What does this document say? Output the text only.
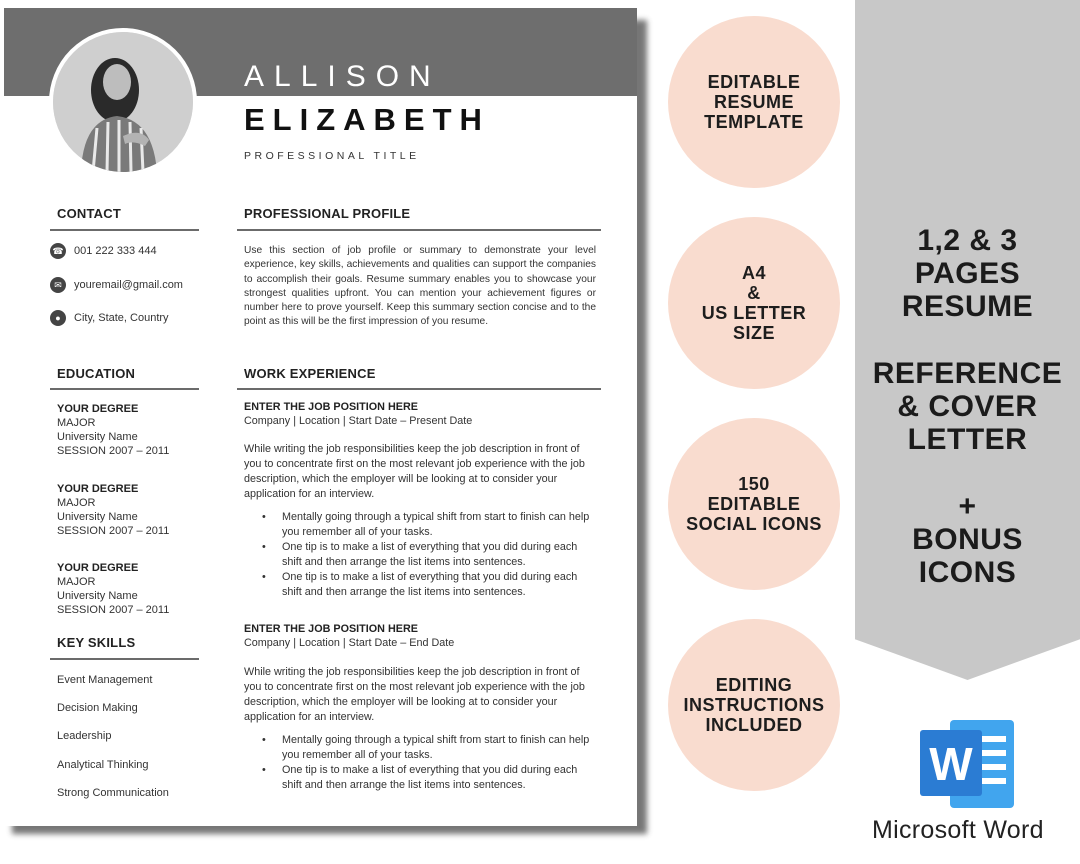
ALLISON
ELIZABETH
PROFESSIONAL TITLE
CONTACT
☎ 001 222 333 444
✉	youremail@gmail.com
●	City, State, Country
EDUCATION
YOUR DEGREE
MAJOR
University Name
SESSION 2007 – 2011
YOUR DEGREE
MAJOR
University Name
SESSION 2007 – 2011
YOUR DEGREE
MAJOR
University Name
SESSION 2007 – 2011
KEY SKILLS
Event Management
Decision Making
Leadership
Analytical Thinking
Strong Communication
PROFESSIONAL PROFILE
Use this section of job profile or summary to demonstrate your level experience, key skills, achievements and qualities can support the companies to accomplish their goals. Resume summary enables you to showcase your strongest qualities upfront. You can mention your achievement figures or number here to prove yourself. Keep this summary section concise and to the point as this will be the first impression of you resume.
WORK EXPERIENCE
ENTER THE JOB POSITION HERE
Company | Location | Start Date – Present Date
While writing the job responsibilities keep the job description in front of you to concentrate first on the most relevant job experience with the job description, which the employer will be looking at to consider your application for an interview.
• Mentally going through a typical shift from start to finish can help you remember all of your tasks.
• One tip is to make a list of everything that you did during each shift and then arrange the list items into sentences.
• One tip is to make a list of everything that you did during each shift and then arrange the list items into sentences.
ENTER THE JOB POSITION HERE
Company | Location | Start Date – End Date
While writing the job responsibilities keep the job description in front of you to concentrate first on the most relevant job experience with the job description, which the employer will be looking at to consider your application for an interview.
• Mentally going through a typical shift from start to finish can help you remember all of your tasks.
• One tip is to make a list of everything that you did during each shift and then arrange the list items into sentences.
EDITABLE
RESUME
TEMPLATE
A4
&
US LETTER
SIZE
150
EDITABLE
SOCIAL ICONS
EDITING
INSTRUCTIONS
INCLUDED
1,2 & 3
PAGES
RESUME
REFERENCE
& COVER
LETTER
+
BONUS
ICONS
W
Microsoft Word
